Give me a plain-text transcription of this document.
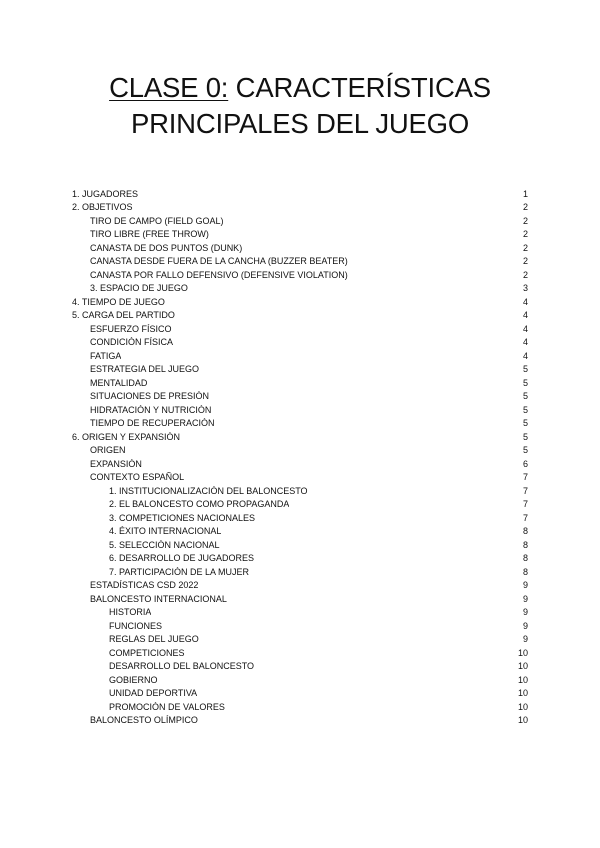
CLASE 0: CARACTERÍSTICAS
PRINCIPALES DEL JUEGO
1. JUGADORES	1
2. OBJETIVOS	2
TIRO DE CAMPO (FIELD GOAL)	2
TIRO LIBRE (FREE THROW)	2
CANASTA DE DOS PUNTOS (DUNK)	2
CANASTA DESDE FUERA DE LA CANCHA (BUZZER BEATER)	2
CANASTA POR FALLO DEFENSIVO (DEFENSIVE VIOLATION)	2
3. ESPACIO DE JUEGO	3
4. TIEMPO DE JUEGO	4
5. CARGA DEL PARTIDO	4
ESFUERZO FÍSICO	4
CONDICIÓN FÍSICA	4
FATIGA	4
ESTRATEGIA DEL JUEGO	5
MENTALIDAD	5
SITUACIONES DE PRESIÓN	5
HIDRATACIÓN Y NUTRICIÓN	5
TIEMPO DE RECUPERACIÓN	5
6. ORIGEN Y EXPANSIÓN	5
ORIGEN	5
EXPANSIÓN	6
CONTEXTO ESPAÑOL	7
1. INSTITUCIONALIZACIÓN DEL BALONCESTO	7
2. EL BALONCESTO COMO PROPAGANDA	7
3. COMPETICIONES NACIONALES	7
4. ÉXITO INTERNACIONAL	8
5. SELECCIÓN NACIONAL	8
6. DESARROLLO DE JUGADORES	8
7. PARTICIPACIÓN DE LA MUJER	8
ESTADÍSTICAS CSD 2022	9
BALONCESTO INTERNACIONAL	9
HISTORIA	9
FUNCIONES	9
REGLAS DEL JUEGO	9
COMPETICIONES	10
DESARROLLO DEL BALONCESTO	10
GOBIERNO	10
UNIDAD DEPORTIVA	10
PROMOCIÓN DE VALORES	10
BALONCESTO OLÍMPICO	10
